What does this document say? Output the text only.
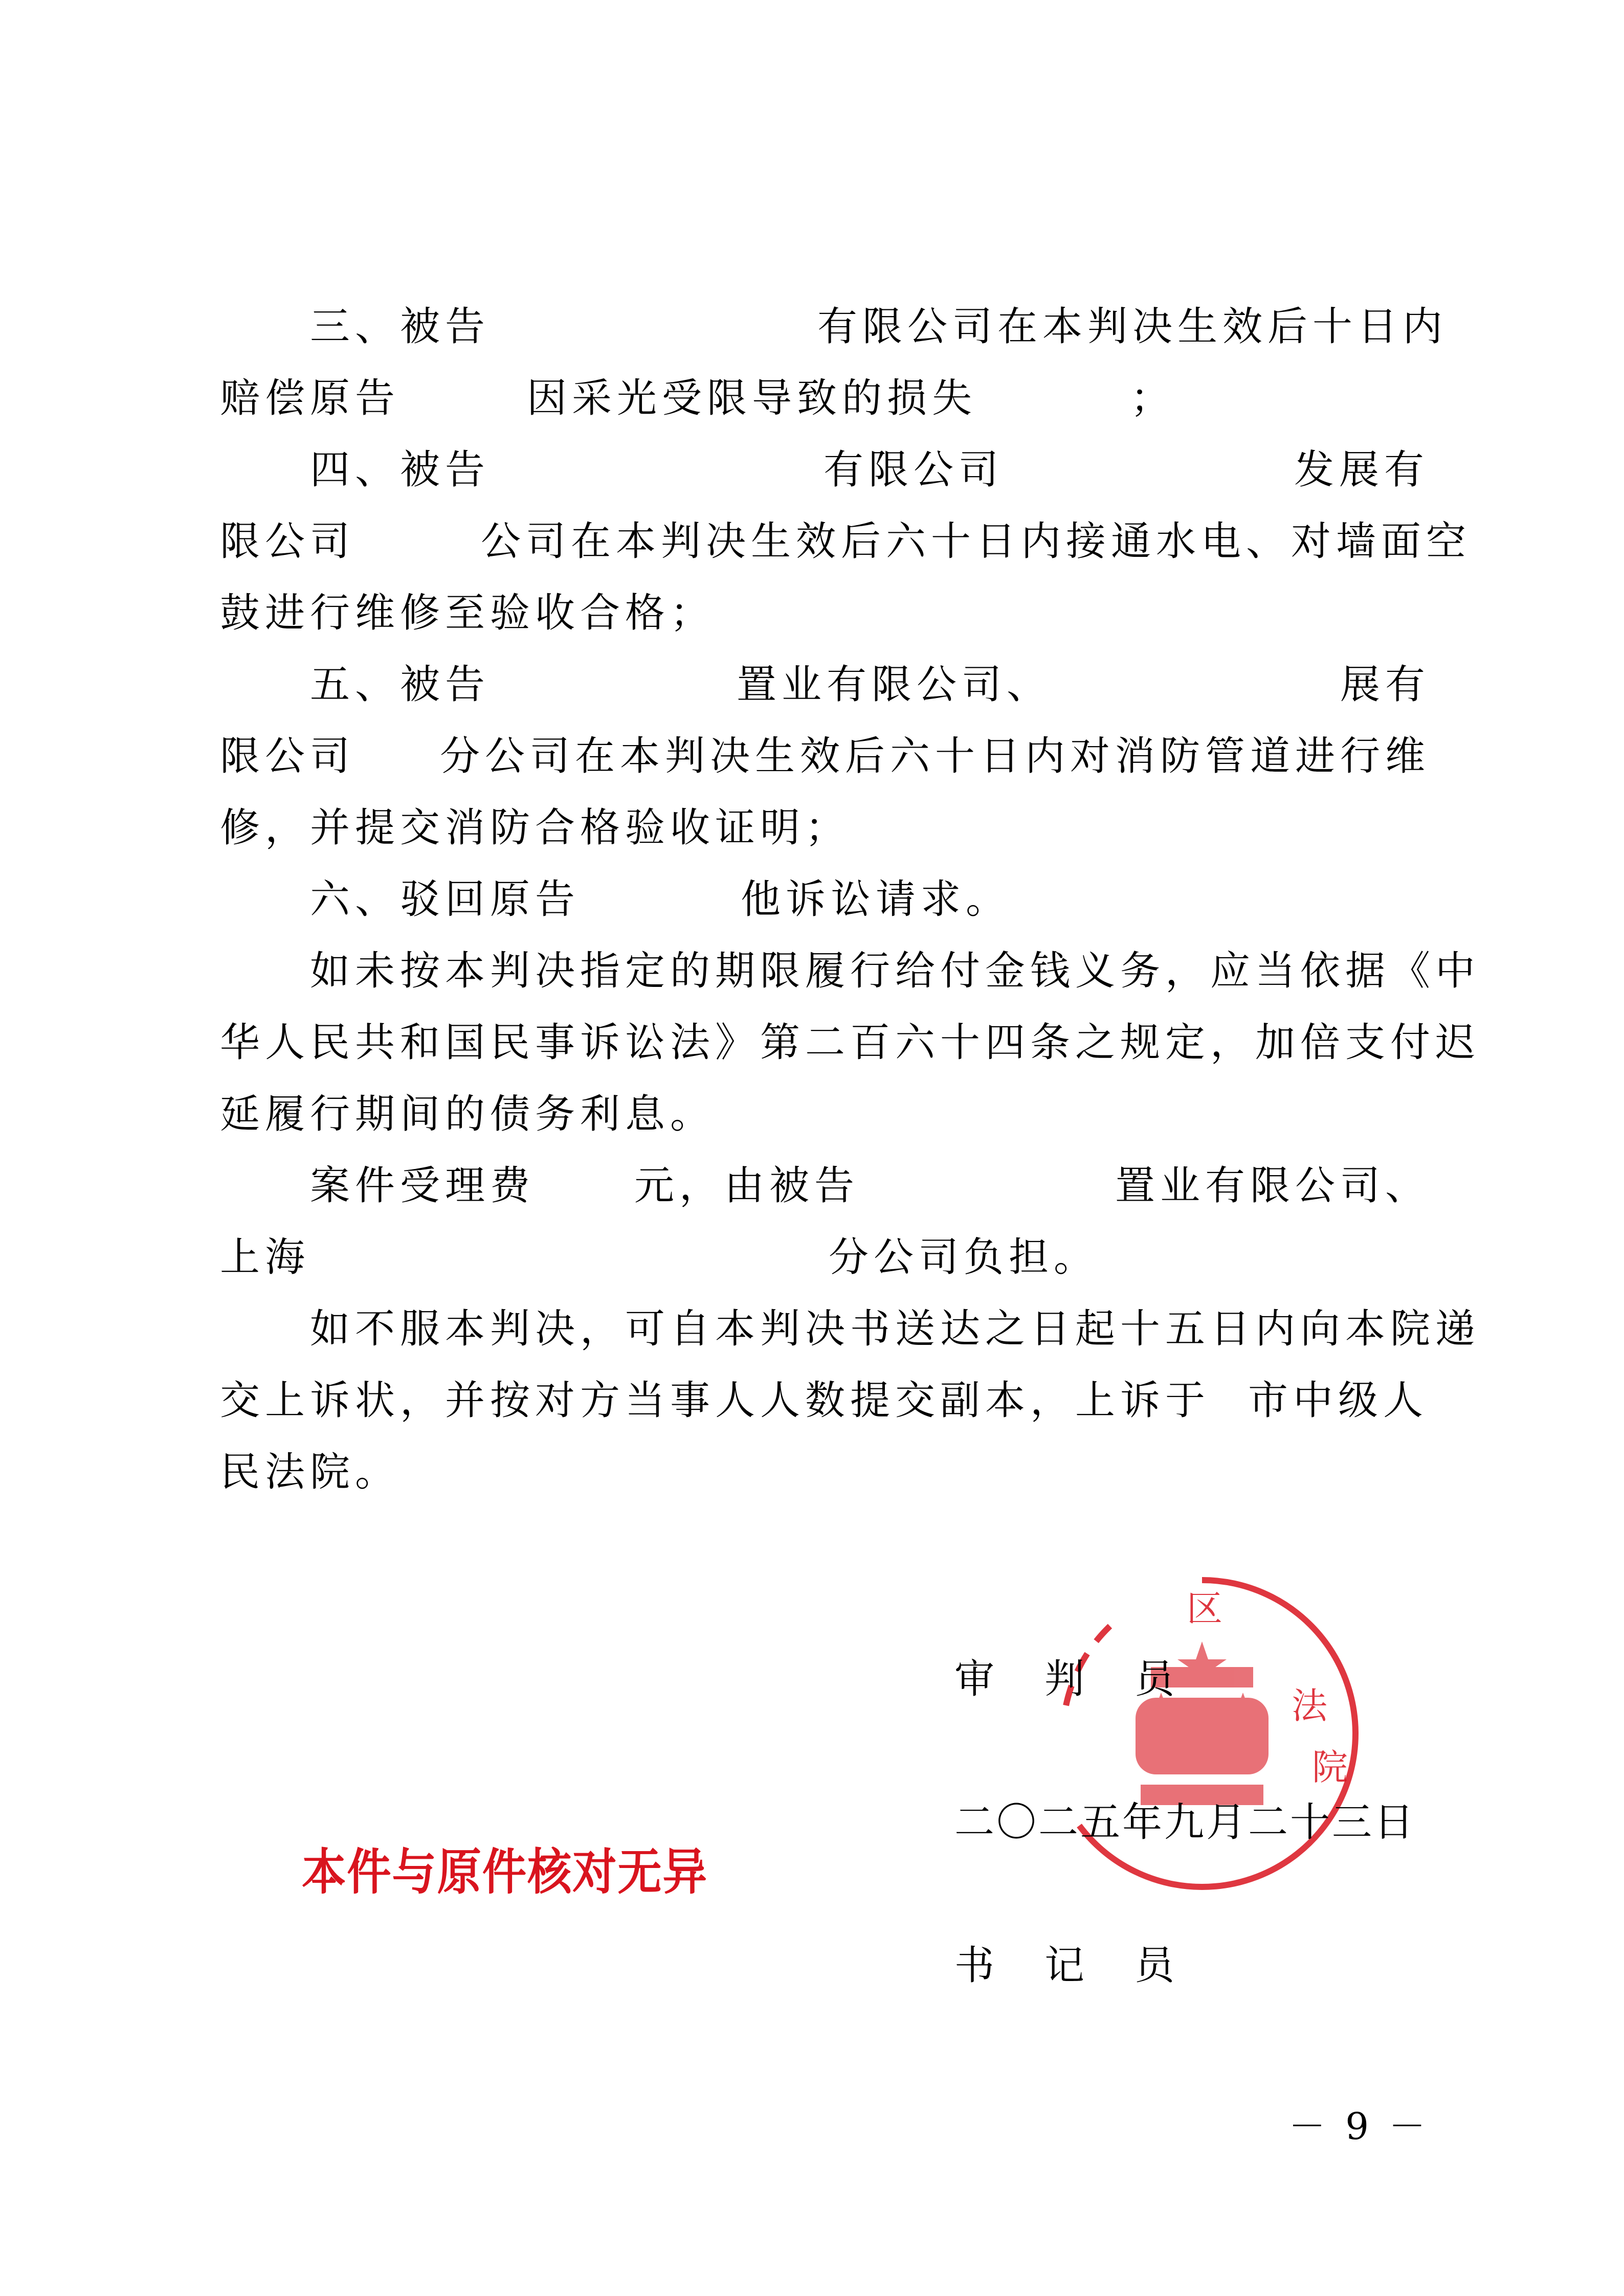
三、被告	有限公司在本判决生效后十日内
赔偿原告	因采光受限导致的损失	；
四、被告	有限公司	发展有
限公司	公司在本判决生效后六十日内接通水电、对墙面空
鼓进行维修至验收合格；
五、被告	置业有限公司、	展有
限公司 分公司在本判决生效后六十日内对消防管道进行维
修，并提交消防合格验收证明；
六、驳回原告	他诉讼请求。
如未按本判决指定的期限履行给付金钱义务，应当依据《中
华人民共和国民事诉讼法》第二百六十四条之规定，加倍支付迟
延履行期间的债务利息。
案件受理费 元，由被告	置业有限公司、
上海	分公司负担。
如不服本判决，可自本判决书送达之日起十五日内向本院递
交上诉状，并按对方当事人人数提交副本，上诉于 市中级人
民法院。
区
法
院
审　判　员
二〇二五年九月二十三日
书　记　员
本件与原件核对无异
－ 9 －
